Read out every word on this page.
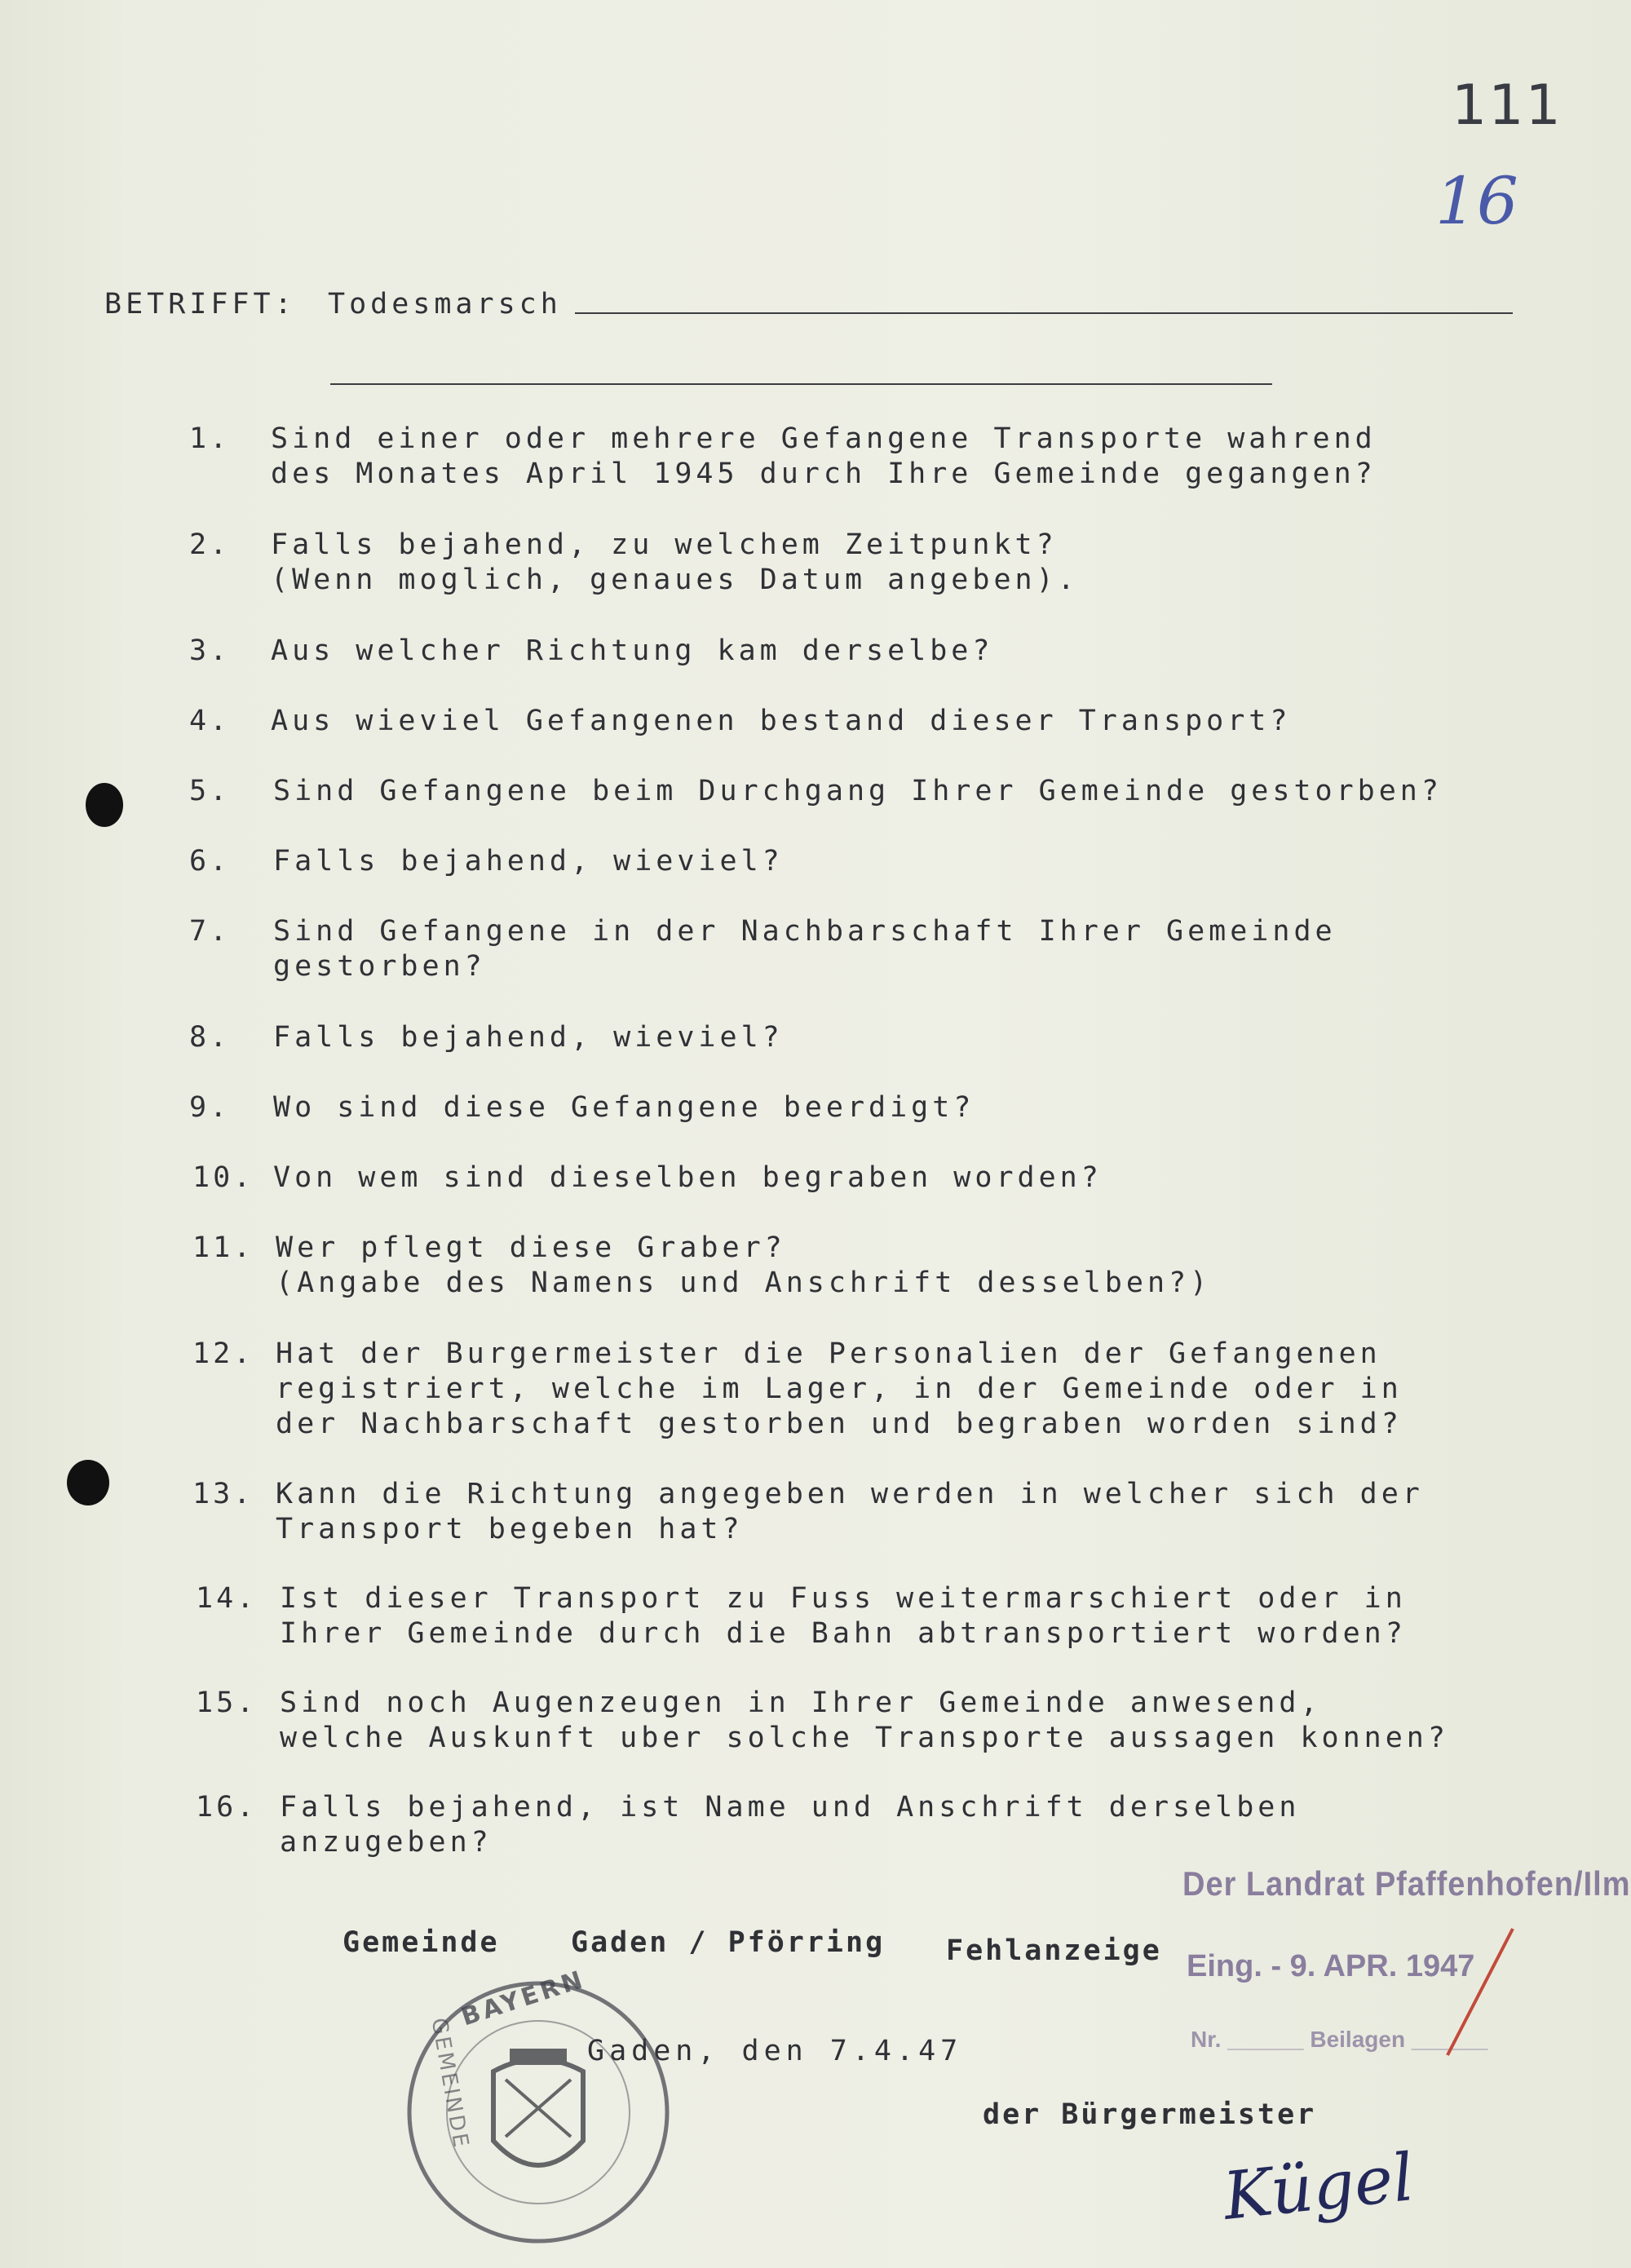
111
16
BETRIFFT: Todesmarsch
1. Sind einer oder mehrere Gefangene Transporte wahrend
des Monates April 1945 durch Ihre Gemeinde gegangen?
2. Falls bejahend, zu welchem Zeitpunkt?
(Wenn moglich, genaues Datum angeben).
3. Aus welcher Richtung kam derselbe?
4. Aus wieviel Gefangenen bestand dieser Transport?
5. Sind Gefangene beim Durchgang Ihrer Gemeinde gestorben?
6. Falls bejahend, wieviel?
7. Sind Gefangene in der Nachbarschaft Ihrer Gemeinde
gestorben?
8. Falls bejahend, wieviel?
9. Wo sind diese Gefangene beerdigt?
10. Von wem sind dieselben begraben worden?
11. Wer pflegt diese Graber?
(Angabe des Namens und Anschrift desselben?)
12. Hat der Burgermeister die Personalien der Gefangenen
registriert, welche im Lager, in der Gemeinde oder in
der Nachbarschaft gestorben und begraben worden sind?
13. Kann die Richtung angegeben werden in welcher sich der
Transport begeben hat?
14. Ist dieser Transport zu Fuss weitermarschiert oder in
Ihrer Gemeinde durch die Bahn abtransportiert worden?
15. Sind noch Augenzeugen in Ihrer Gemeinde anwesend,
welche Auskunft uber solche Transporte aussagen konnen?
16. Falls bejahend, ist Name und Anschrift derselben
anzugeben?
Gemeinde Gaden / Pförring Fehlanzeige
Gaden, den 7.4.47
der Bürgermeister
Kügel
Der Landrat Pfaffenhofen/Ilm
Eing. - 9. APR. 1947
Nr. ______ Beilagen ______
BAYERN
GEMEINDE
